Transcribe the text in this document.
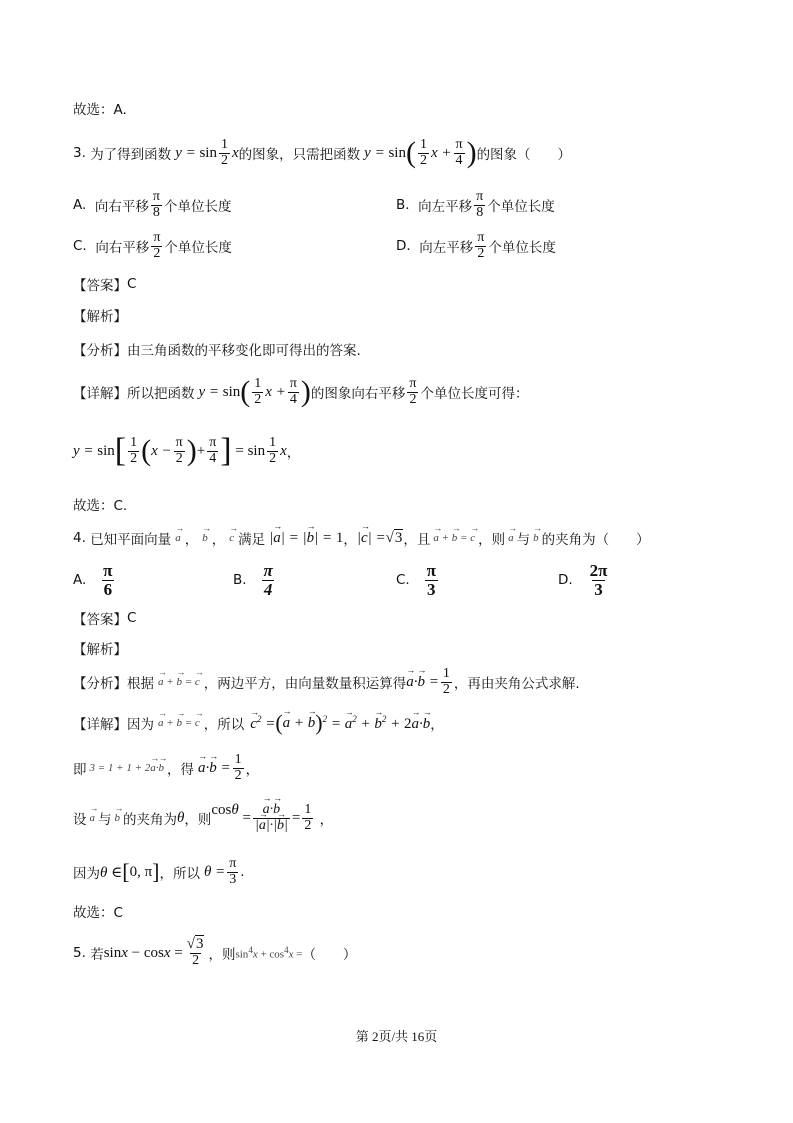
故选：A.
3.
为了得到函数 $y = \sin \frac{1}{2}$ x 的图象，只需把函数 y = sin ( $\frac{1}{2}$ $x + \frac{\pi}{4}$ ) 的图象（　　）
A.
向右平移 $\frac{\pi}{8}$ 个单位长度	B.
向左平移 $\frac{\pi}{8}$ 个单位长度
C.
向右平移 $\frac{\pi}{2}$ 个单位长度	D.
向左平移 $\frac{\pi}{2}$ 个单位长度
【答案】 C
【解析】
【分析】 由三角函数的平移变化即可得出的答案.
【详解】 所以把函数 y = sin ( $\frac{1}{2}$ $x + \frac{\pi}{4}$ ) 的图象向右平移 $\frac{\pi}{2}$ 个单位长度可得：
y = sin [ $\frac{1}{2}$ ( $x - \frac{\pi}{2}$ ) + $\frac{\pi}{4}$ ] = $\sin \frac{1}{2}$ x ，
故选：C.
4.
已知平面向量 → a ， → b ， → c 满足 |→ a| = |→ b| = 1 ， |→ c| = √3 ，且 → a + → b = → c ，则 → a 与 → b 的夹角为（　　）
A.
$\frac{\pi}{6}$	B.
$\frac{\pi}{4}$	C.
$\frac{\pi}{3}$	D.
$\frac{2\pi}{3}$
【答案】 C
【解析】
【分析】 根据 → a + → b = → c ，两边平方，由向量数量积运算得 → $a\cdot\to b = \frac{1}{2}$ ，再由夹角公式求解.
【详解】 因为 → a + → b = → c ，所以 → $c^2$ = ( → a + → b ) $^2$ = → $a^2$ + → $b^2 + 2\to a\cdot\to b$ ，
即 3 = 1 + 1 + 2→ a·→ b ，得 → $a\cdot\to b = \frac{1}{2}$ ，
设 → a 与 → b 的夹角为 θ ，则
cosθ = → $\frac{a\cdot\to b}{|\to a|\cdot|\to b|} = \frac{1}{2}$ ，
因为 θ ∈ [ 0, π ] ，所以 $\theta = \frac{\pi}{3}$ .
故选：C
5.
若 $\sin x - \cos x = \frac{√3}{2}$ ，则 $\sin^4x + \cos^4x$ = （　　）
第 2页/共 16页
